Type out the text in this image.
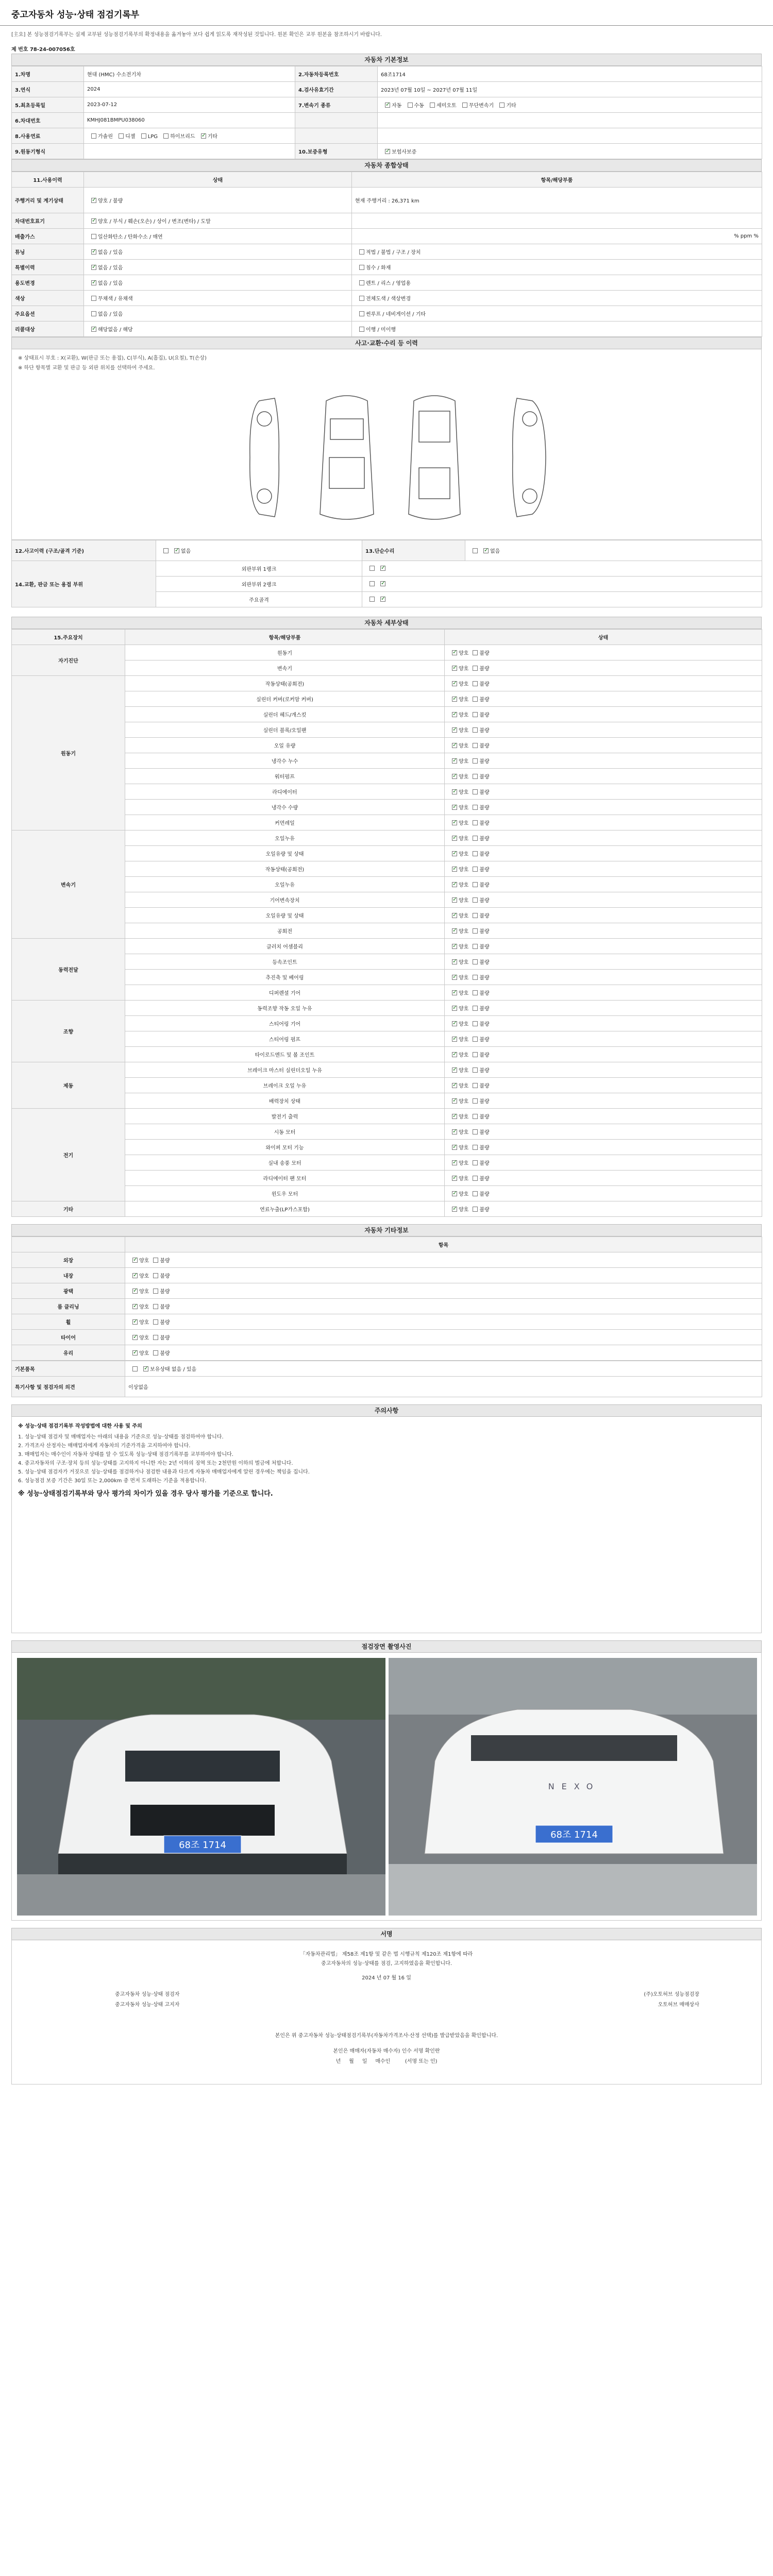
중고자동차 성능·상태 점검기록부
[主요] 본 성능점검기록부는 실제 교부된 성능점검기록부의 확정내용을 옮겨놓아 보다 쉽게 읽도록 재작성된 것입니다. 원본 확인은 교부 원본을 참조하시기 바랍니다.
제 번호 78-24-007056호
자동차 기본정보
1.차명	현대 (HMC) 수소전기차	2.자동차등록번호	68조1714
3.연식	2024	4.검사유효기간	2023년 07월 10일 ~ 2027년 07월 11일
5.최초등록일	2023-07-12	7.변속기 종류	✓자동 수동 세미오토 무단변속기 기타
6.차대번호	KMHJ081BMPU038060		
8.사용연료	가솔린 디젤 LPG 하이브리드 ✓ 기타		
9.원동기형식		10.보증유형	✓보험사보증
자동차 종합상태
11.사용이력	상태	항목/해당부품
주행거리 및 계기상태	✓양호 / 불량	현재 주행거리 : 26,371 km
차대번호표기	✓양호 / 부식 / 훼손(오손) / 상이 / 변조(변타) / 도말	
배출가스	일산화탄소 / 탄화수소 / 매연	% ppm %
튜닝	✓없음 / 있음	적법 / 불법 / 구조 / 장치
특별이력	✓없음 / 있음	침수 / 화재
용도변경	✓없음 / 있음	렌트 / 리스 / 영업용
색상	무채색 / 유채색	전체도색 / 색상변경
주요옵션	없음 / 있음	썬루프 / 네비게이션 / 기타
리콜대상	✓해당없음 / 해당	이행 / 미이행
사고·교환·수리 등 이력
※ 상태표시 부호 : X(교환), W(판금 또는 용접), C(부식), A(흠집), U(요철), T(손상)
※ 하단 항목별 교환 및 판금 등 외판 위치를 선택하여 주세요.
12.사고이력 (구조/골격 기준)	✓없음	13.단순수리	✓없음
14.교환, 판금 또는 용접 부위	외판부위 1랭크	✓
	외판부위 2랭크	✓
	주요골격	✓
자동차 세부상태
15.주요장치	항목/해당부품	상태
자기진단	원동기	✓양호 불량
	변속기	✓양호 불량
원동기	작동상태(공회전)	✓양호 불량
	실린더 커버(로커암 커버)	✓양호 불량
	실린더 헤드/개스킷	✓양호 불량
	실린더 블록/오일팬	✓양호 불량
	오일 유량	✓양호 불량
	냉각수 누수	✓양호 불량
	워터펌프	✓양호 불량
	라디에이터	✓양호 불량
	냉각수 수량	✓양호 불량
	커먼레일	✓양호 불량
변속기	오일누유	✓양호 불량
	오일유량 및 상태	✓양호 불량
	작동상태(공회전)	✓양호 불량
	오일누유	✓양호 불량
	기어변속장치	✓양호 불량
	오일유량 및 상태	✓양호 불량
	공회전	✓양호 불량
동력전달	클러치 어셈블리	✓양호 불량
	등속조인트	✓양호 불량
	추진축 및 베어링	✓양호 불량
	디퍼렌셜 기어	✓양호 불량
조향	동력조향 작동 오일 누유	✓양호 불량
	스티어링 기어	✓양호 불량
	스티어링 펌프	✓양호 불량
	타이로드엔드 및 볼 조인트	✓양호 불량
제동	브레이크 마스터 실린더오일 누유	✓양호 불량
	브레이크 오일 누유	✓양호 불량
	배력장치 상태	✓양호 불량
전기	발전기 출력	✓양호 불량
	시동 모터	✓양호 불량
	와이퍼 모터 기능	✓양호 불량
	실내 송풍 모터	✓양호 불량
	라디에이터 팬 모터	✓양호 불량
	윈도우 모터	✓양호 불량
기타	연료누출(LP가스포함)	✓양호 불량
자동차 기타정보
	항목
외장	✓양호 불량
내장	✓양호 불량
광택	✓양호 불량
룸 클리닝	✓양호 불량
휠	✓양호 불량
타이어	✓양호 불량
유리	✓양호 불량
기본품목	✓보유상태 없음 / 있음
특기사항 및 점검자의 의견	이상없음
주의사항
※ 성능·상태 점검기록부 작성방법에 대한 사용 및 주의
1. 성능·상태 점검자 및 매매업자는 아래의 내용을 기준으로 성능·상태를 점검하여야 합니다.
2. 가격조사 산정자는 매매업자에게 자동차의 기준가격을 고지하여야 합니다.
3. 매매업자는 매수인이 자동차 상태를 알 수 있도록 성능·상태 점검기록부를 교부하여야 합니다.
4. 중고자동차의 구조·장치 등의 성능·상태를 고지하지 아니한 자는 2년 이하의 징역 또는 2천만원 이하의 벌금에 처합니다.
5. 성능·상태 점검자가 거짓으로 성능·상태를 점검하거나 점검한 내용과 다르게 자동차 매매업자에게 알린 경우에는 책임을 집니다.
6. 성능점검 보증 기간은 30일 또는 2,000km 중 먼저 도래하는 기준을 적용합니다.
※ 성능·상태점검기록부와 당사 평가의 차이가 있을 경우 당사 평가를 기준으로 합니다.
점검장면 촬영사진
68조 1714
NEXO
68조 1714
서명
「자동차관리법」 제58조 제1항 및 같은 법 시행규칙 제120조 제1항에 따라
중고자동차의 성능·상태를 점검, 고지하였음을 확인합니다.
2024 년 07 월 16 일
중고자동차 성능·상태 점검자	(주)오토허브 성능점검장
중고자동차 성능·상태 고지자	오토허브 매매상사
본인은 위 중고자동차 성능·상태점검기록부(자동차가격조사·산정 선택)를 발급받았음을 확인합니다.
본인은 매매자(자동차 매수자) 인수 서명 확인란
년 월 일 매수인	(서명 또는 인)
